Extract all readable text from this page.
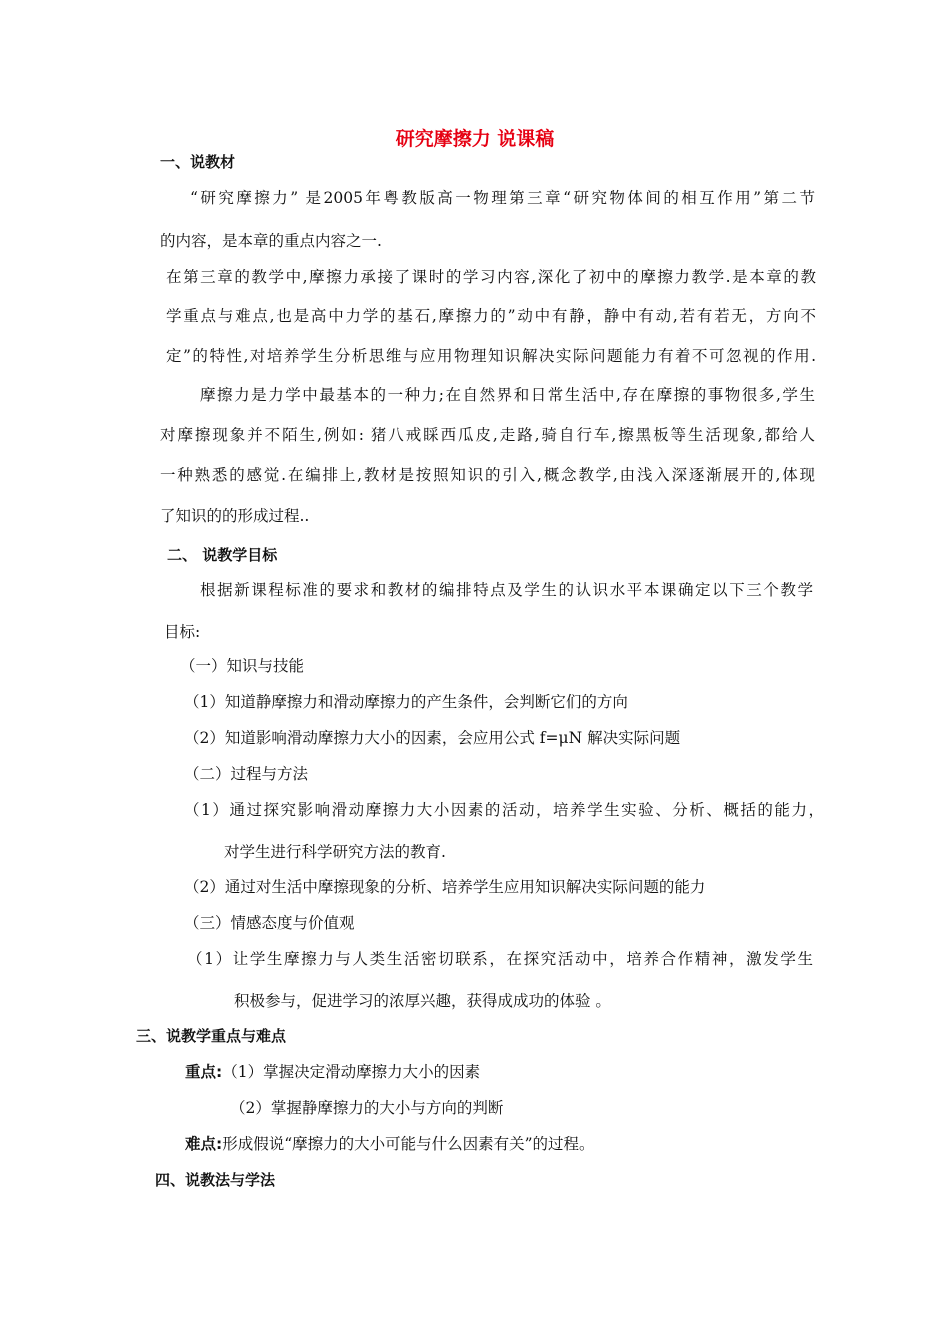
研究摩擦力 说课稿
一、说教材
“研究摩擦力” 是2005年粤教版高一物理第三章“研究物体间的相互作用”第二节
的内容，是本章的重点内容之一.
在第三章的教学中,摩擦力承接了课时的学习内容,深化了初中的摩擦力教学.是本章的教
学重点与难点,也是高中力学的基石,摩擦力的”动中有静，静中有动,若有若无，方向不
定”的特性,对培养学生分析思维与应用物理知识解决实际问题能力有着不可忽视的作用.
摩擦力是力学中最基本的一种力;在自然界和日常生活中,存在摩擦的事物很多,学生
对摩擦现象并不陌生,例如: 猪八戒睬西瓜皮,走路,骑自行车,擦黑板等生活现象,都给人
一种熟悉的感觉.在编排上,教材是按照知识的引入,概念教学,由浅入深逐渐展开的,体现
了知识的的形成过程..
二、 说教学目标
根据新课程标准的要求和教材的编排特点及学生的认识水平本课确定以下三个教学
目标:
（一）知识与技能
（1）知道静摩擦力和滑动摩擦力的产生条件，会判断它们的方向
（2）知道影响滑动摩擦力大小的因素，会应用公式 f=μN 解决实际问题
（二）过程与方法
（1）通过探究影响滑动摩擦力大小因素的活动，培养学生实验、分析、概括的能力，
对学生进行科学研究方法的教育.
（2）通过对生活中摩擦现象的分析、培养学生应用知识解决实际问题的能力
（三）情感态度与价值观
（1）让学生摩擦力与人类生活密切联系，在探究活动中，培养合作精神，激发学生
积极参与，促进学习的浓厚兴趣，获得成成功的体验 。
三、说教学重点与难点
重点:（1）掌握决定滑动摩擦力大小的因素
（2）掌握静摩擦力的大小与方向的判断
难点:形成假说“摩擦力的大小可能与什么因素有关”的过程。
四、说教法与学法
